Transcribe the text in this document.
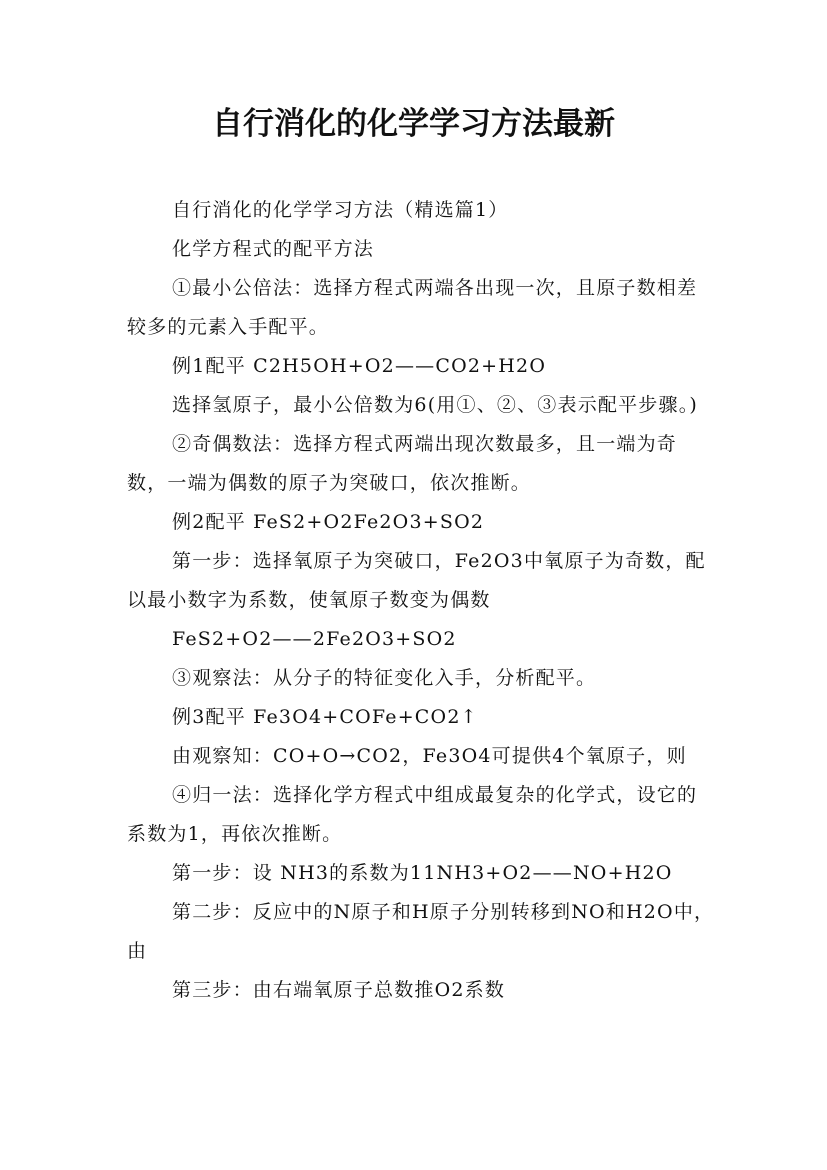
自行消化的化学学习方法最新

自行消化的化学学习方法（精选篇1）

化学方程式的配平方法

①最小公倍法：选择方程式两端各出现一次，且原子数相差较多的元素入手配平。

例1配平 C2H5OH+O2——CO2+H2O

选择氢原子，最小公倍数为6(用①、②、③表示配平步骤。)

②奇偶数法：选择方程式两端出现次数最多，且一端为奇数，一端为偶数的原子为突破口，依次推断。

例2配平 FeS2+O2Fe2O3+SO2

第一步：选择氧原子为突破口，Fe2O3中氧原子为奇数，配以最小数字为系数，使氧原子数变为偶数

FeS2+O2——2Fe2O3+SO2

③观察法：从分子的特征变化入手，分析配平。

例3配平 Fe3O4+COFe+CO2↑

由观察知：CO+O→CO2，Fe3O4可提供4个氧原子，则

④归一法：选择化学方程式中组成最复杂的化学式，设它的系数为1，再依次推断。

第一步：设 NH3的系数为11NH3+O2——NO+H2O

第二步：反应中的N原子和H原子分别转移到NO和H2O中，由

第三步：由右端氧原子总数推O2系数
